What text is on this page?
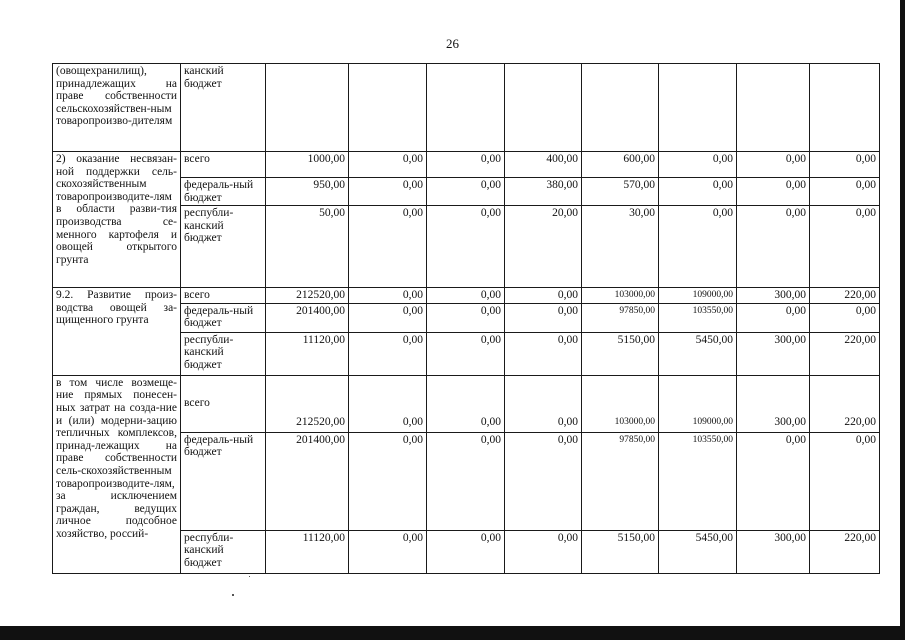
26
(овощехранилищ), принадлежащих на праве собственности сельскохозяйствен-ным товаропроизво-дителям	канский бюджет								
2) оказание несвязан-ной поддержки сель-скохозяйственным товаропроизводите-лям в области разви-тия производства се-менного картофеля и овощей открытого грунта	всего	1000,00	0,00	0,00	400,00	600,00	0,00	0,00	0,00
	федераль-ный бюджет	950,00	0,00	0,00	380,00	570,00	0,00	0,00	0,00
	республи-канский бюджет	50,00	0,00	0,00	20,00	30,00	0,00	0,00	0,00
9.2. Развитие произ-водства овощей за-щищенного грунта	всего	212520,00	0,00	0,00	0,00	103000,00	109000,00	300,00	220,00
	федераль-ный бюджет	201400,00	0,00	0,00	0,00	97850,00	103550,00	0,00	0,00
	республи-канский бюджет	11120,00	0,00	0,00	0,00	5150,00	5450,00	300,00	220,00
в том числе возмеще-ние прямых понесен-ных затрат на созда-ние и (или) модерни-зацию тепличных комплексов, принад-лежащих на праве собственности сель-скохозяйственным товаропроизводите-лям, за исключением граждан, ведущих личное подсобное хозяйство, россий-	всего	212520,00	0,00	0,00	0,00	103000,00	109000,00	300,00	220,00
	федераль-ный бюджет	201400,00	0,00	0,00	0,00	97850,00	103550,00	0,00	0,00
	республи-канский бюджет	11120,00	0,00	0,00	0,00	5150,00	5450,00	300,00	220,00
